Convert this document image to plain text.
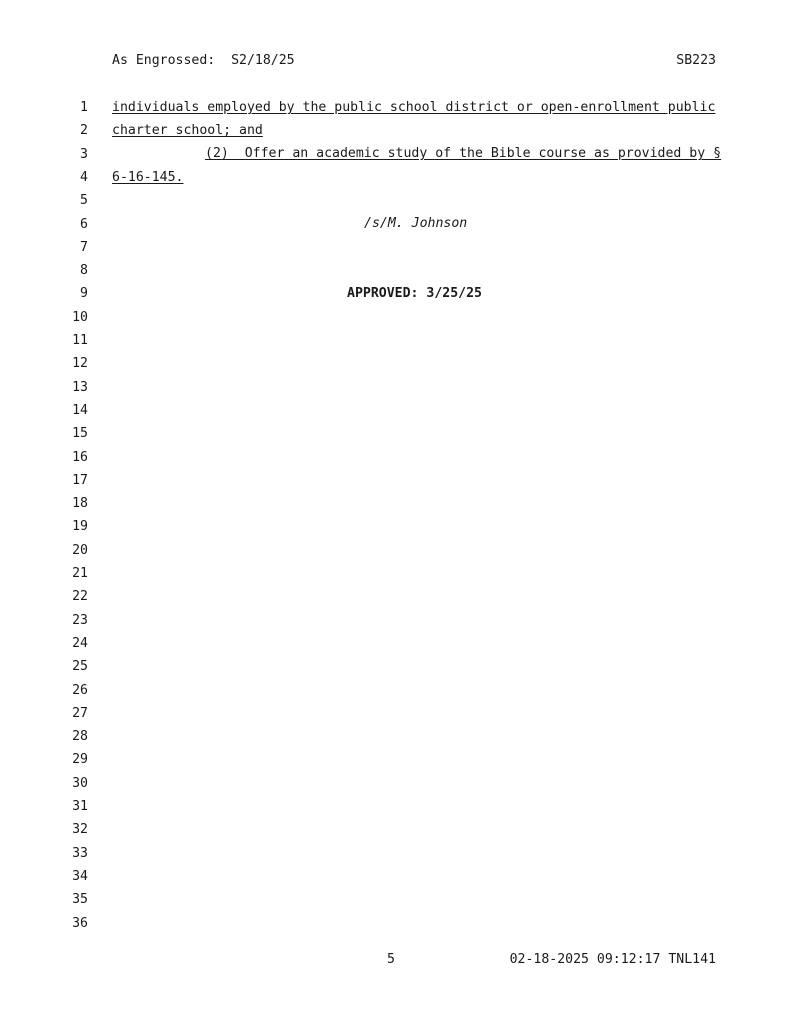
As Engrossed:  S2/18/25	SB223
1
2
3
4
5
6
7
8
9
10
11
12
13
14
15
16
17
18
19
20
21
22
23
24
25
26
27
28
29
30
31
32
33
34
35
36
individuals employed by the public school district or open-enrollment public
charter school; and
(2)  Offer an academic study of the Bible course as provided by §
6-16-145.
/s/M. Johnson
APPROVED: 3/25/25
5	02-18-2025 09:12:17 TNL141
